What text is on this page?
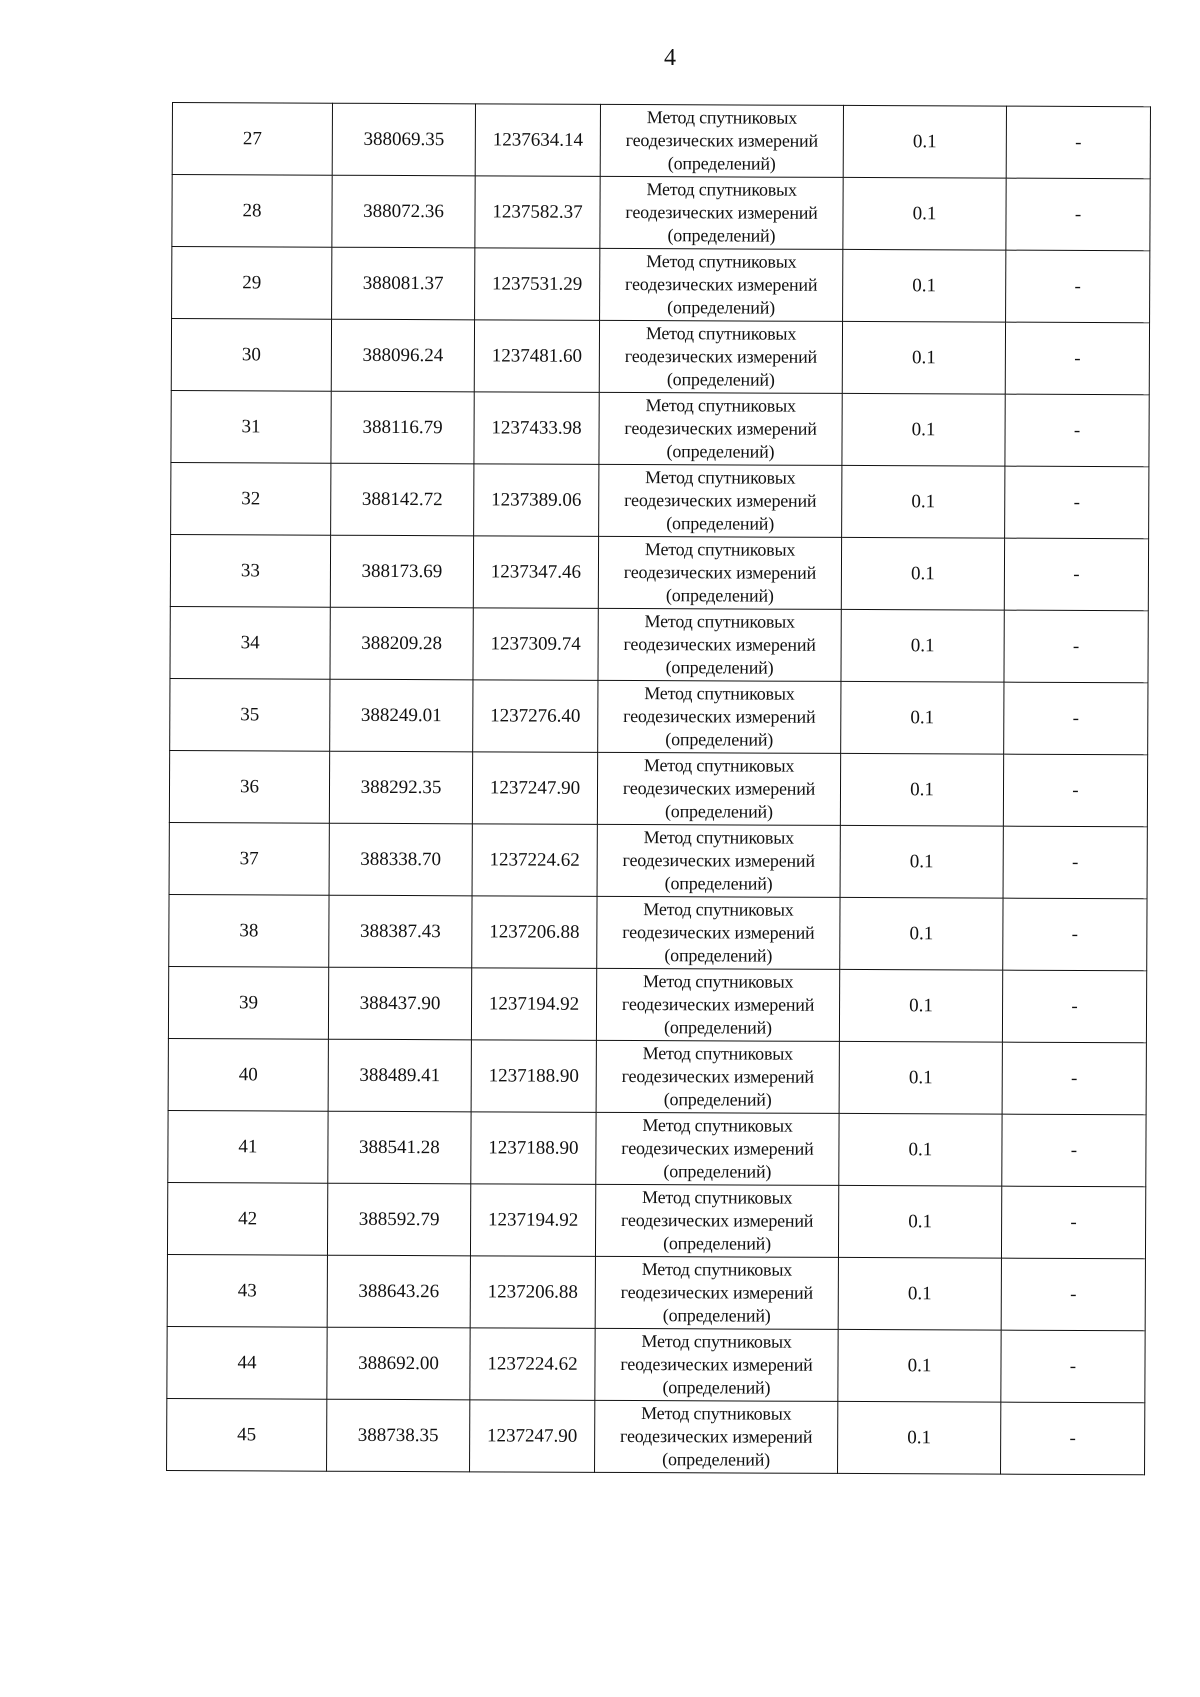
4
27	388069.35	1237634.14	Метод спутниковых
геодезических измерений
(определений)	0.1	-
28	388072.36	1237582.37	Метод спутниковых
геодезических измерений
(определений)	0.1	-
29	388081.37	1237531.29	Метод спутниковых
геодезических измерений
(определений)	0.1	-
30	388096.24	1237481.60	Метод спутниковых
геодезических измерений
(определений)	0.1	-
31	388116.79	1237433.98	Метод спутниковых
геодезических измерений
(определений)	0.1	-
32	388142.72	1237389.06	Метод спутниковых
геодезических измерений
(определений)	0.1	-
33	388173.69	1237347.46	Метод спутниковых
геодезических измерений
(определений)	0.1	-
34	388209.28	1237309.74	Метод спутниковых
геодезических измерений
(определений)	0.1	-
35	388249.01	1237276.40	Метод спутниковых
геодезических измерений
(определений)	0.1	-
36	388292.35	1237247.90	Метод спутниковых
геодезических измерений
(определений)	0.1	-
37	388338.70	1237224.62	Метод спутниковых
геодезических измерений
(определений)	0.1	-
38	388387.43	1237206.88	Метод спутниковых
геодезических измерений
(определений)	0.1	-
39	388437.90	1237194.92	Метод спутниковых
геодезических измерений
(определений)	0.1	-
40	388489.41	1237188.90	Метод спутниковых
геодезических измерений
(определений)	0.1	-
41	388541.28	1237188.90	Метод спутниковых
геодезических измерений
(определений)	0.1	-
42	388592.79	1237194.92	Метод спутниковых
геодезических измерений
(определений)	0.1	-
43	388643.26	1237206.88	Метод спутниковых
геодезических измерений
(определений)	0.1	-
44	388692.00	1237224.62	Метод спутниковых
геодезических измерений
(определений)	0.1	-
45	388738.35	1237247.90	Метод спутниковых
геодезических измерений
(определений)	0.1	-
